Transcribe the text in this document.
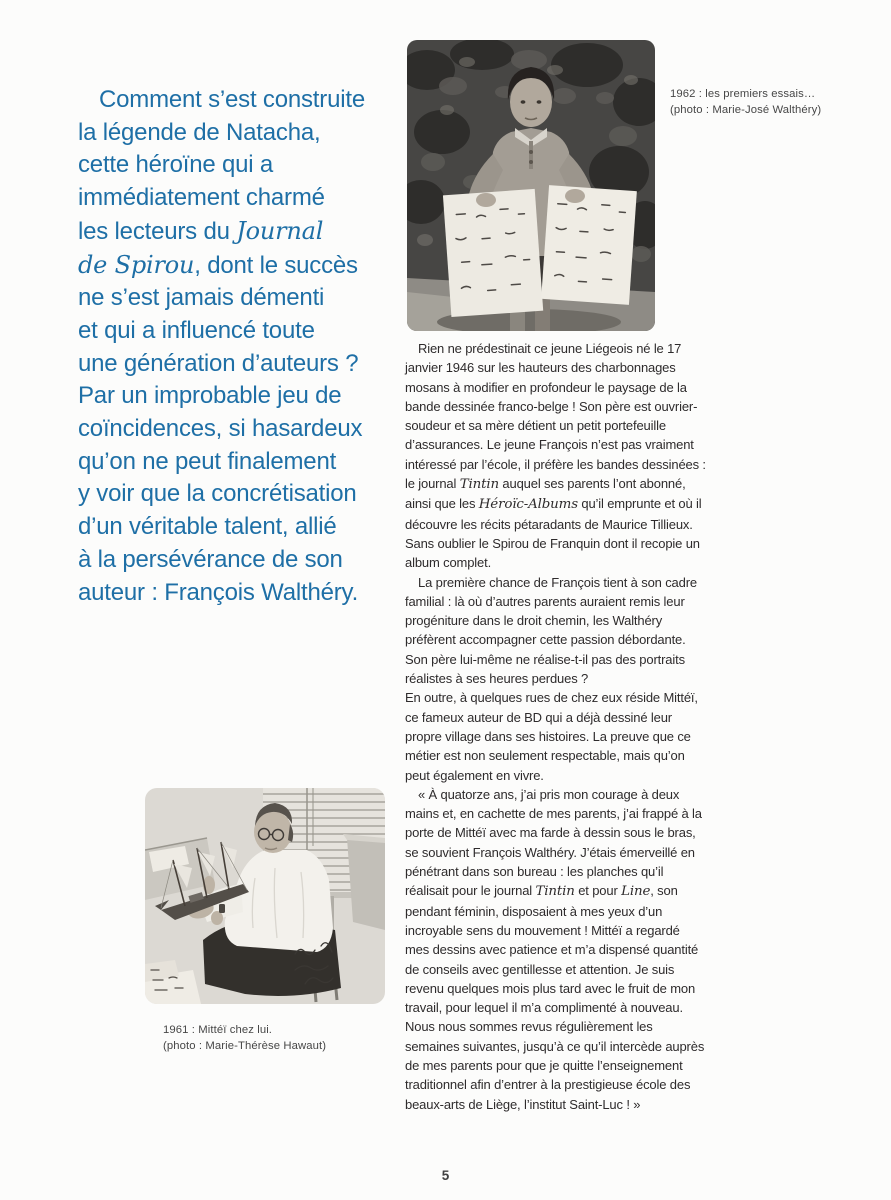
Comment s’est construite
la légende de Natacha,
cette héroïne qui a
immédiatement charmé
les lecteurs du Journal
de Spirou, dont le succès
ne s’est jamais démenti
et qui a influencé toute
une génération d’auteurs ?
Par un improbable jeu de
coïncidences, si hasardeux
qu’on ne peut finalement
y voir que la concrétisation
d’un véritable talent, allié
à la persévérance de son
auteur : François Walthéry.
1962 : les premiers essais…
(photo : Marie-José Walthéry)

Rien ne prédestinait ce jeune Liégeois né le 17 janvier 1946 sur les hauteurs des charbonnages mosans à modifier en profondeur le paysage de la bande dessinée franco-belge ! Son père est ouvrier-soudeur et sa mère détient un petit portefeuille d’assurances. Le jeune François n’est pas vraiment intéressé par l’école, il préfère les bandes dessinées : le journal Tintin auquel ses parents l’ont abonné, ainsi que les Héroïc-Albums qu’il emprunte et où il découvre les récits pétaradants de Maurice Tillieux. Sans oublier le Spirou de Franquin dont il recopie un album complet.

La première chance de François tient à son cadre familial : là où d’autres parents auraient remis leur progéniture dans le droit chemin, les Walthéry préfèrent accompagner cette passion débordante. Son père lui-même ne réalise-t-il pas des portraits réalistes à ses heures perdues ?

En outre, à quelques rues de chez eux réside Mittéï, ce fameux auteur de BD qui a déjà dessiné leur propre village dans ses histoires. La preuve que ce métier est non seulement respectable, mais qu’on peut également en vivre.

« À quatorze ans, j’ai pris mon courage à deux mains et, en cachette de mes parents, j’ai frappé à la porte de Mittéï avec ma farde à dessin sous le bras, se souvient François Walthéry. J’étais émerveillé en pénétrant dans son bureau : les planches qu’il réalisait pour le journal Tintin et pour Line, son pendant féminin, disposaient à mes yeux d’un incroyable sens du mouvement ! Mittéï a regardé mes dessins avec patience et m’a dispensé quantité de conseils avec gentillesse et attention. Je suis revenu quelques mois plus tard avec le fruit de mon travail, pour lequel il m’a complimenté à nouveau. Nous nous sommes revus régulièrement les semaines suivantes, jusqu’à ce qu’il intercède auprès de mes parents pour que je quitte l’enseignement traditionnel afin d’entrer à la prestigieuse école des beaux-arts de Liège, l’institut Saint-Luc ! »

1961 : Mittéï chez lui.
(photo : Marie-Thérèse Hawaut)
5
